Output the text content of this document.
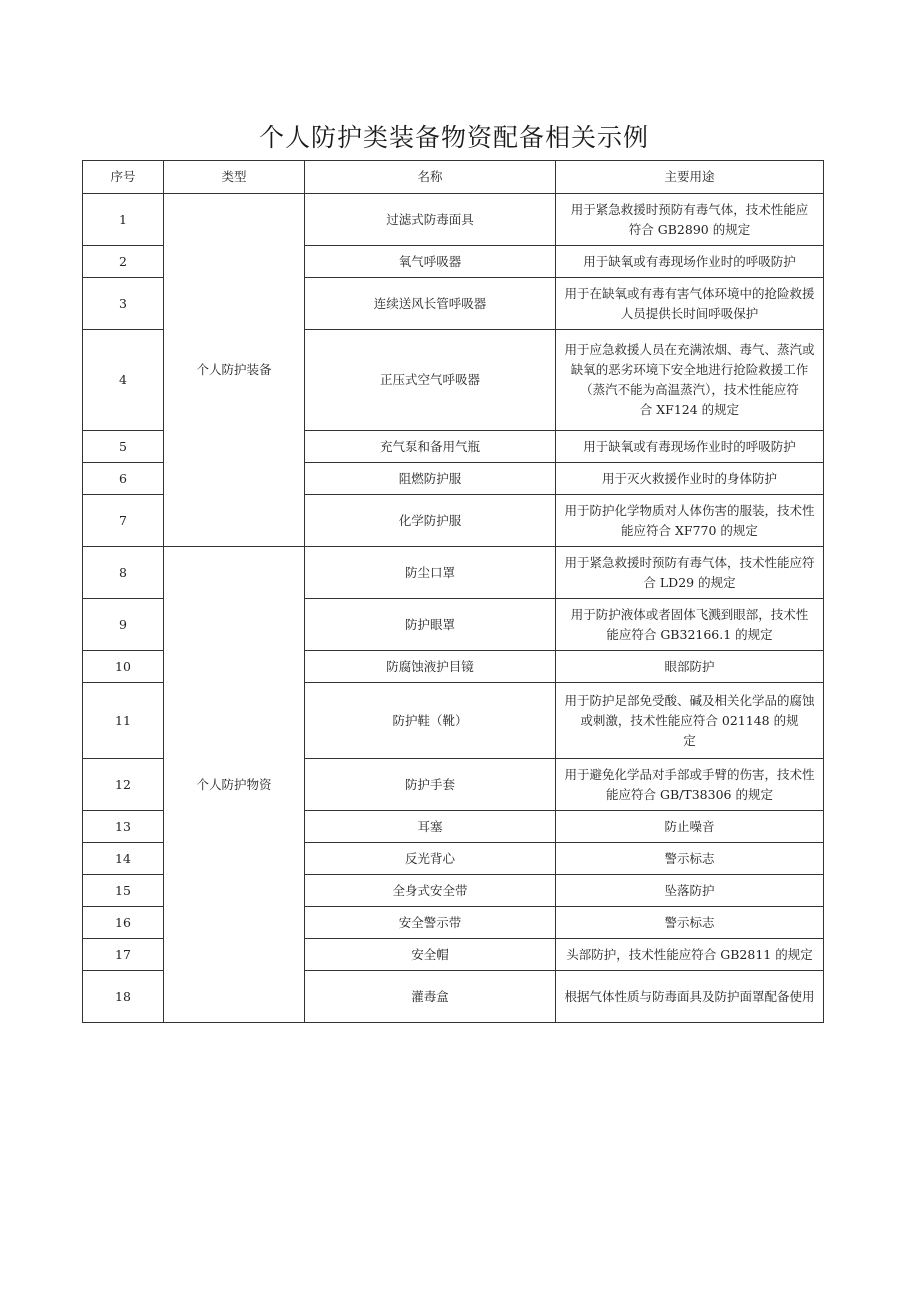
个人防护类装备物资配备相关示例
序号	类型	名称	主要用途
1	个人防护装备	过滤式防毒面具	用于紧急救援时预防有毒气体，技术性能应
符合 GB2890 的规定

2		氧气呼吸器	用于缺氧或有毒现场作业时的呼吸防护

3		连续送风长管呼吸器	用于在缺氧或有毒有害气体环境中的抢险救援
人员提供长时间呼吸保护

4		正压式空气呼吸器	用于应急救援人员在充满浓烟、毒气、蒸汽或
缺氧的恶劣环境下安全地进行抢险救援工作
（蒸汽不能为高温蒸汽），技术性能应符
合 XF124 的规定

5		充气泵和备用气瓶	用于缺氧或有毒现场作业时的呼吸防护

6		阻燃防护服	用于灭火救援作业时的身体防护

7		化学防护服	用于防护化学物质对人体伤害的服装，技术性
能应符合 XF770 的规定

8	个人防护物资	防尘口罩	用于紧急救援时预防有毒气体，技术性能应符
合 LD29 的规定

9		防护眼罩	用于防护液体或者固体飞溅到眼部，技术性
能应符合 GB32166.1 的规定

10		防腐蚀液护目镜	眼部防护

11		防护鞋（靴）	用于防护足部免受酸、碱及相关化学品的腐蚀
或刺激，技术性能应符合 021148 的规
定

12		防护手套	用于避免化学品对手部或手臂的伤害，技术性
能应符合 GB/T38306 的规定

13		耳塞	防止噪音

14		反光背心	警示标志

15		全身式安全带	坠落防护

16		安全警示带	警示标志

17		安全帽	头部防护，技术性能应符合 GB2811 的规定

18		灌毒盒	根据气体性质与防毒面具及防护面罩配备使用
